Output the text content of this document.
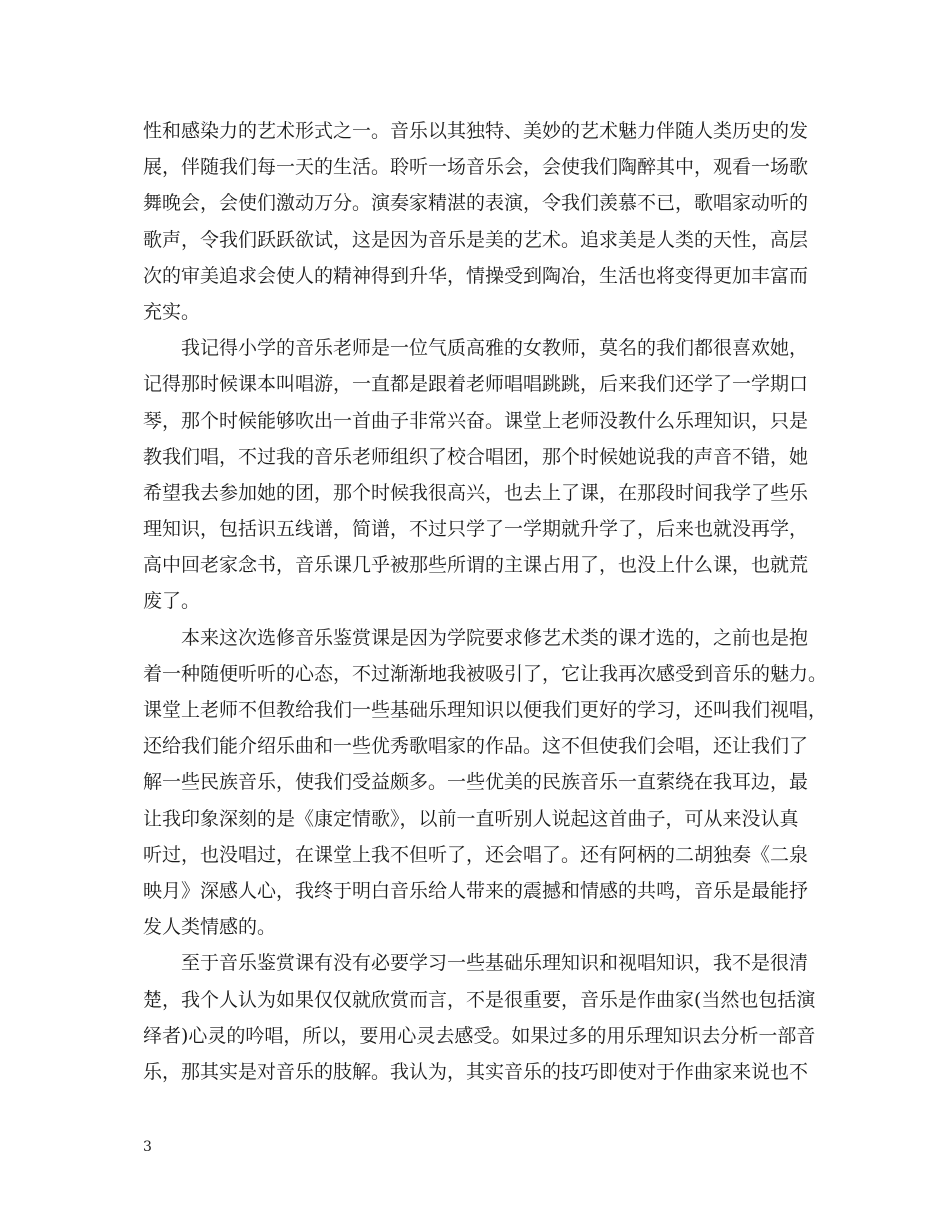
性和感染力的艺术形式之一。音乐以其独特、美妙的艺术魅力伴随人类历史的发
展，伴随我们每一天的生活。聆听一场音乐会，会使我们陶醉其中，观看一场歌
舞晚会，会使们激动万分。演奏家精湛的表演，令我们羡慕不已，歌唱家动听的
歌声，令我们跃跃欲试，这是因为音乐是美的艺术。追求美是人类的天性，高层
次的审美追求会使人的精神得到升华，情操受到陶冶，生活也将变得更加丰富而
充实。

我记得小学的音乐老师是一位气质高雅的女教师，莫名的我们都很喜欢她，
记得那时候课本叫唱游，一直都是跟着老师唱唱跳跳，后来我们还学了一学期口
琴，那个时候能够吹出一首曲子非常兴奋。课堂上老师没教什么乐理知识，只是
教我们唱，不过我的音乐老师组织了校合唱团，那个时候她说我的声音不错，她
希望我去参加她的团，那个时候我很高兴，也去上了课，在那段时间我学了些乐
理知识，包括识五线谱，简谱，不过只学了一学期就升学了，后来也就没再学，
高中回老家念书，音乐课几乎被那些所谓的主课占用了，也没上什么课，也就荒
废了。

本来这次选修音乐鉴赏课是因为学院要求修艺术类的课才选的，之前也是抱
着一种随便听听的心态，不过渐渐地我被吸引了，它让我再次感受到音乐的魅力。
课堂上老师不但教给我们一些基础乐理知识以便我们更好的学习，还叫我们视唱，
还给我们能介绍乐曲和一些优秀歌唱家的作品。这不但使我们会唱，还让我们了
解一些民族音乐，使我们受益颇多。一些优美的民族音乐一直萦绕在我耳边，最
让我印象深刻的是《康定情歌》，以前一直听别人说起这首曲子，可从来没认真
听过，也没唱过，在课堂上我不但听了，还会唱了。还有阿柄的二胡独奏《二泉
映月》深感人心，我终于明白音乐给人带来的震撼和情感的共鸣，音乐是最能抒
发人类情感的。

至于音乐鉴赏课有没有必要学习一些基础乐理知识和视唱知识，我不是很清
楚，我个人认为如果仅仅就欣赏而言，不是很重要，音乐是作曲家(当然也包括演
绎者)心灵的吟唱，所以，要用心灵去感受。如果过多的用乐理知识去分析一部音
乐，那其实是对音乐的肢解。我认为，其实音乐的技巧即使对于作曲家来说也不

3
